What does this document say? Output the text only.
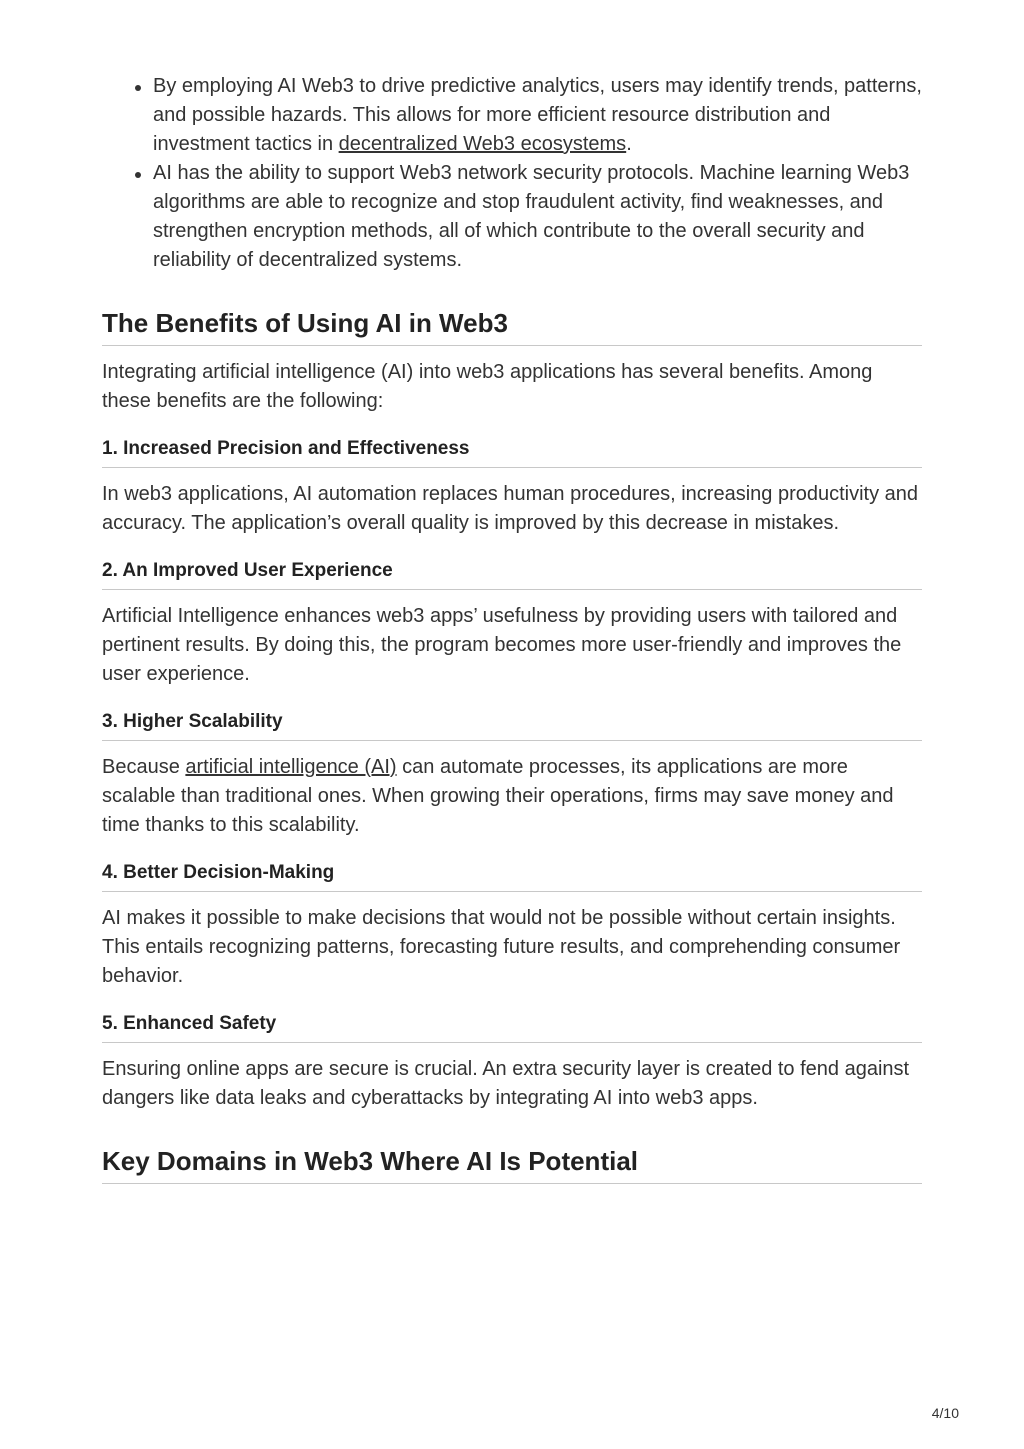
By employing AI Web3 to drive predictive analytics, users may identify trends, patterns, and possible hazards. This allows for more efficient resource distribution and investment tactics in decentralized Web3 ecosystems.
AI has the ability to support Web3 network security protocols. Machine learning Web3 algorithms are able to recognize and stop fraudulent activity, find weaknesses, and strengthen encryption methods, all of which contribute to the overall security and reliability of decentralized systems.
The Benefits of Using AI in Web3

Integrating artificial intelligence (AI) into web3 applications has several benefits. Among these benefits are the following:

1. Increased Precision and Effectiveness

In web3 applications, AI automation replaces human procedures, increasing productivity and accuracy. The application’s overall quality is improved by this decrease in mistakes.

2. An Improved User Experience

Artificial Intelligence enhances web3 apps’ usefulness by providing users with tailored and pertinent results. By doing this, the program becomes more user-friendly and improves the user experience.

3. Higher Scalability

Because artificial intelligence (AI) can automate processes, its applications are more scalable than traditional ones. When growing their operations, firms may save money and time thanks to this scalability.

4. Better Decision-Making

AI makes it possible to make decisions that would not be possible without certain insights. This entails recognizing patterns, forecasting future results, and comprehending consumer behavior.

5. Enhanced Safety

Ensuring online apps are secure is crucial. An extra security layer is created to fend against dangers like data leaks and cyberattacks by integrating AI into web3 apps.

Key Domains in Web3 Where AI Is Potential
4/10
